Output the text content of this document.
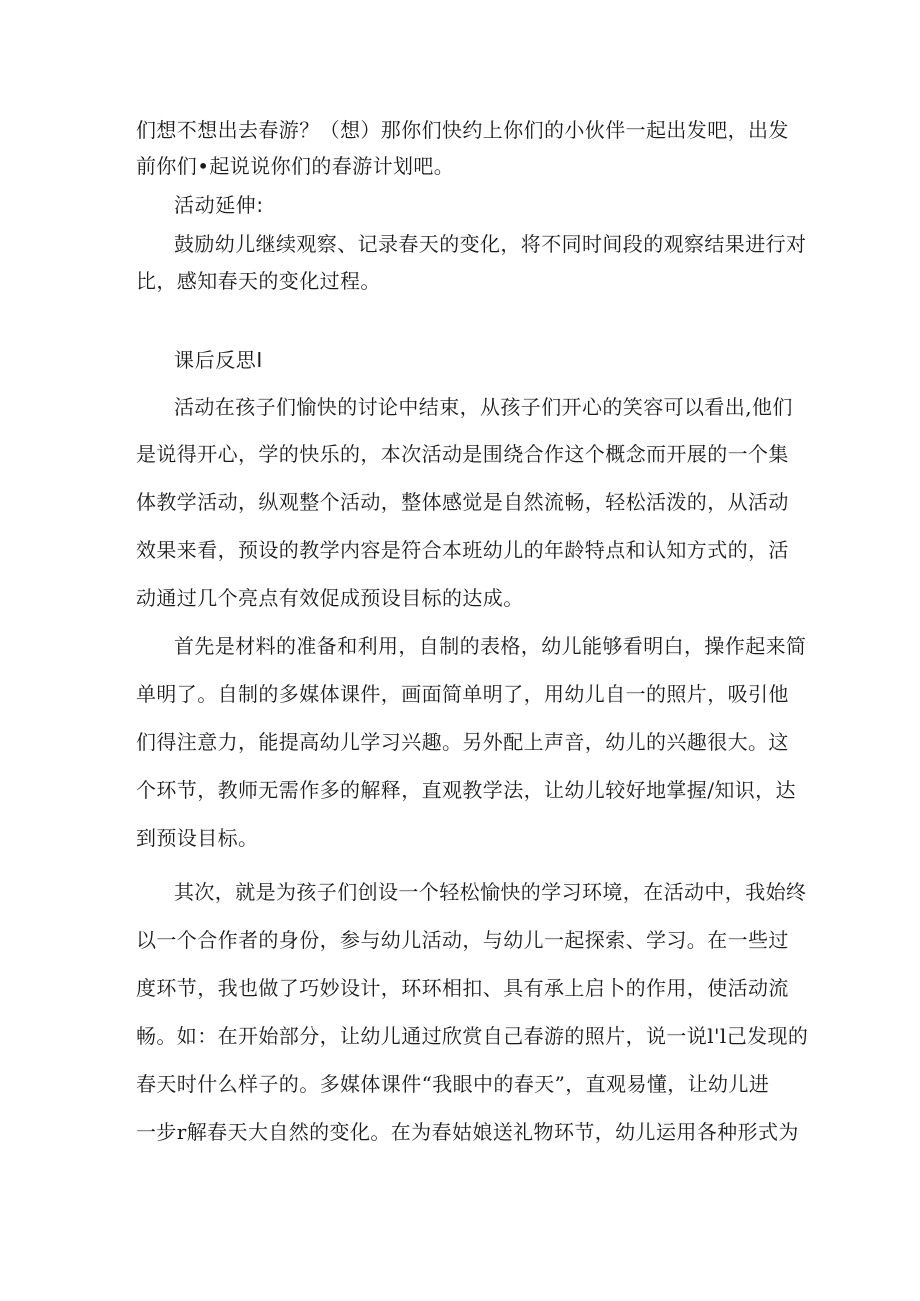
们想不想出去春游？（想）那你们快约上你们的小伙伴一起出发吧，出发
前你们•起说说你们的春游计划吧。
活动延伸:
鼓励幼儿继续观察、记录春天的变化，将不同时间段的观察结果进行对
比，感知春天的变化过程。
课后反思I
活动在孩子们愉快的讨论中结束，从孩子们开心的笑容可以看出,他们
是说得开心，学的快乐的，本次活动是围绕合作这个概念而开展的一个集
体教学活动，纵观整个活动，整体感觉是自然流畅，轻松活泼的，从活动
效果来看，预设的教学内容是符合本班幼儿的年龄特点和认知方式的，活
动通过几个亮点有效促成预设目标的达成。
首先是材料的准备和利用，自制的表格，幼儿能够看明白，操作起来简
单明了。自制的多媒体课件，画面简单明了，用幼儿自一的照片，吸引他
们得注意力，能提高幼儿学习兴趣。另外配上声音，幼儿的兴趣很大。这
个环节，教师无需作多的解释，直观教学法，让幼儿较好地掌握/知识，达
到预设目标。
其次，就是为孩子们创设一个轻松愉快的学习环境，在活动中，我始终
以一个合作者的身份，参与幼儿活动，与幼儿一起探索、学习。在一些过
度环节，我也做了巧妙设计，环环相扣、具有承上启卜的作用，使活动流
畅。如：在开始部分，让幼儿通过欣赏自己春游的照片，说一说l'l己发现的
春天时什么样子的。多媒体课件“我眼中的春天”，直观易懂，让幼儿进
一步r解春天大自然的变化。在为春姑娘送礼物环节，幼儿运用各种形式为
